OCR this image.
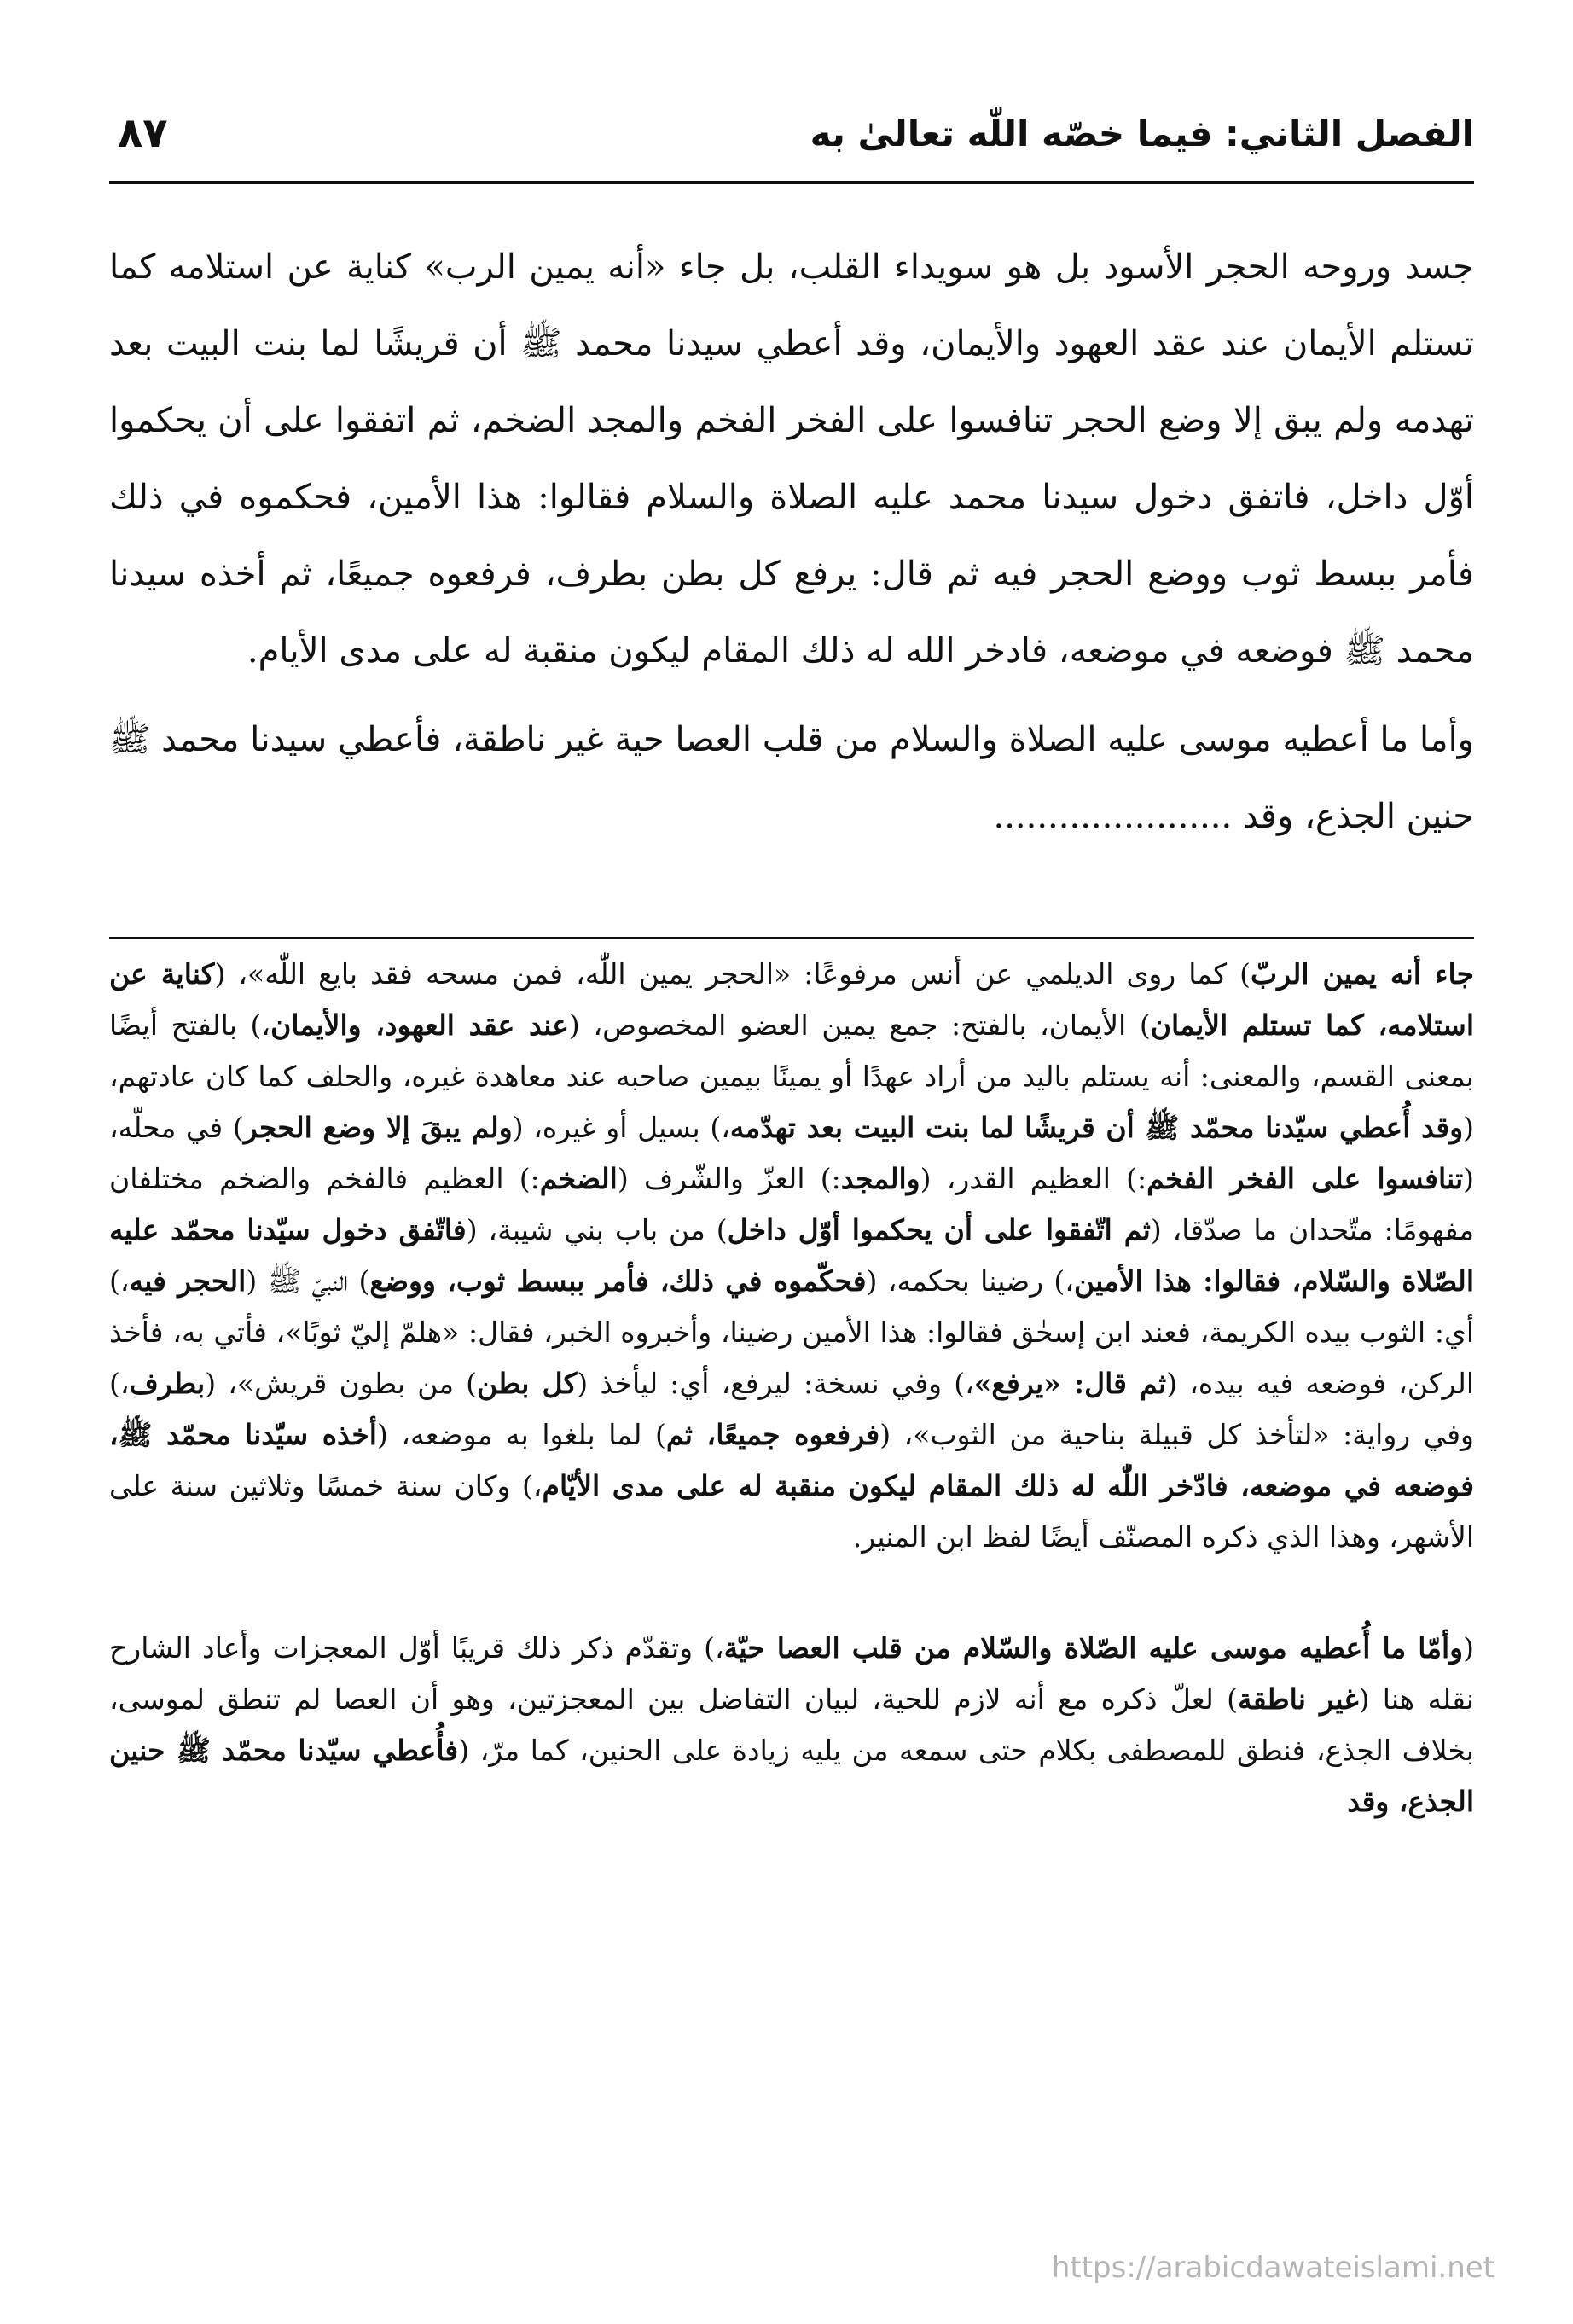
الفصل الثاني: فيما خصّه اللّٰه تعالىٰ به
٨٧

جسد وروحه الحجر الأسود بل هو سويداء القلب، بل جاء «أنه يمين الرب» كناية عن استلامه كما تستلم الأيمان عند عقد العهود والأيمان، وقد أعطي سيدنا محمد ﷺ أن قريشًا لما بنت البيت بعد تهدمه ولم يبق إلا وضع الحجر تنافسوا على الفخر الفخم والمجد الضخم، ثم اتفقوا على أن يحكموا أوّل داخل، فاتفق دخول سيدنا محمد عليه الصلاة والسلام فقالوا: هذا الأمين، فحكموه في ذلك فأمر ببسط ثوب ووضع الحجر فيه ثم قال: يرفع كل بطن بطرف، فرفعوه جميعًا، ثم أخذه سيدنا محمد ﷺ فوضعه في موضعه، فادخر الله له ذلك المقام ليكون منقبة له على مدى الأيام.

وأما ما أعطيه موسى عليه الصلاة والسلام من قلب العصا حية غير ناطقة، فأعطي سيدنا محمد ﷺ حنين الجذع، وقد ......................

جاء أنه يمين الربّ) كما روى الديلمي عن أنس مرفوعًا: «الحجر يمين اللّٰه، فمن مسحه فقد بايع اللّٰه»، (كناية عن استلامه، كما تستلم الأيمان) الأيمان، بالفتح: جمع يمين العضو المخصوص، (عند عقد العهود، والأيمان،) بالفتح أيضًا بمعنى القسم، والمعنى: أنه يستلم باليد من أراد عهدًا أو يمينًا بيمين صاحبه عند معاهدة غيره، والحلف كما كان عادتهم، (وقد أُعطي سيّدنا محمّد ﷺ أن قريشًا لما بنت البيت بعد تهدّمه،) بسيل أو غيره، (ولم يبقَ إلا وضع الحجر) في محلّه، (تنافسوا على الفخر الفخم:) العظيم القدر، (والمجد:) العزّ والشّرف (الضخم:) العظيم فالفخم والضخم مختلفان مفهومًا: متّحدان ما صدّقا، (ثم اتّفقوا على أن يحكموا أوّل داخل) من باب بني شيبة، (فاتّفق دخول سيّدنا محمّد عليه الصّلاة والسّلام، فقالوا: هذا الأمين،) رضينا بحكمه، (فحكّموه في ذلك، فأمر ببسط ثوب، ووضع) النبيّ ﷺ (الحجر فيه،) أي: الثوب بيده الكريمة، فعند ابن إسحٰق فقالوا: هذا الأمين رضينا، وأخبروه الخبر، فقال: «هلمّ إليّ ثوبًا»، فأتي به، فأخذ الركن، فوضعه فيه بيده، (ثم قال: «يرفع»،) وفي نسخة: ليرفع، أي: ليأخذ (كل بطن) من بطون قريش»، (بطرف،) وفي رواية: «لتأخذ كل قبيلة بناحية من الثوب»، (فرفعوه جميعًا، ثم) لما بلغوا به موضعه، (أخذه سيّدنا محمّد ﷺ، فوضعه في موضعه، فادّخر اللّٰه له ذلك المقام ليكون منقبة له على مدى الأيّام،) وكان سنة خمسًا وثلاثين سنة على الأشهر، وهذا الذي ذكره المصنّف أيضًا لفظ ابن المنير.

(وأمّا ما أُعطيه موسى عليه الصّلاة والسّلام من قلب العصا حيّة،) وتقدّم ذكر ذلك قريبًا أوّل المعجزات وأعاد الشارح نقله هنا (غير ناطقة) لعلّ ذكره مع أنه لازم للحية، لبيان التفاضل بين المعجزتين، وهو أن العصا لم تنطق لموسى، بخلاف الجذع، فنطق للمصطفى بكلام حتى سمعه من يليه زيادة على الحنين، كما مرّ، (فأُعطي سيّدنا محمّد ﷺ حنين الجذع، وقد

https://arabicdawateislami.net
